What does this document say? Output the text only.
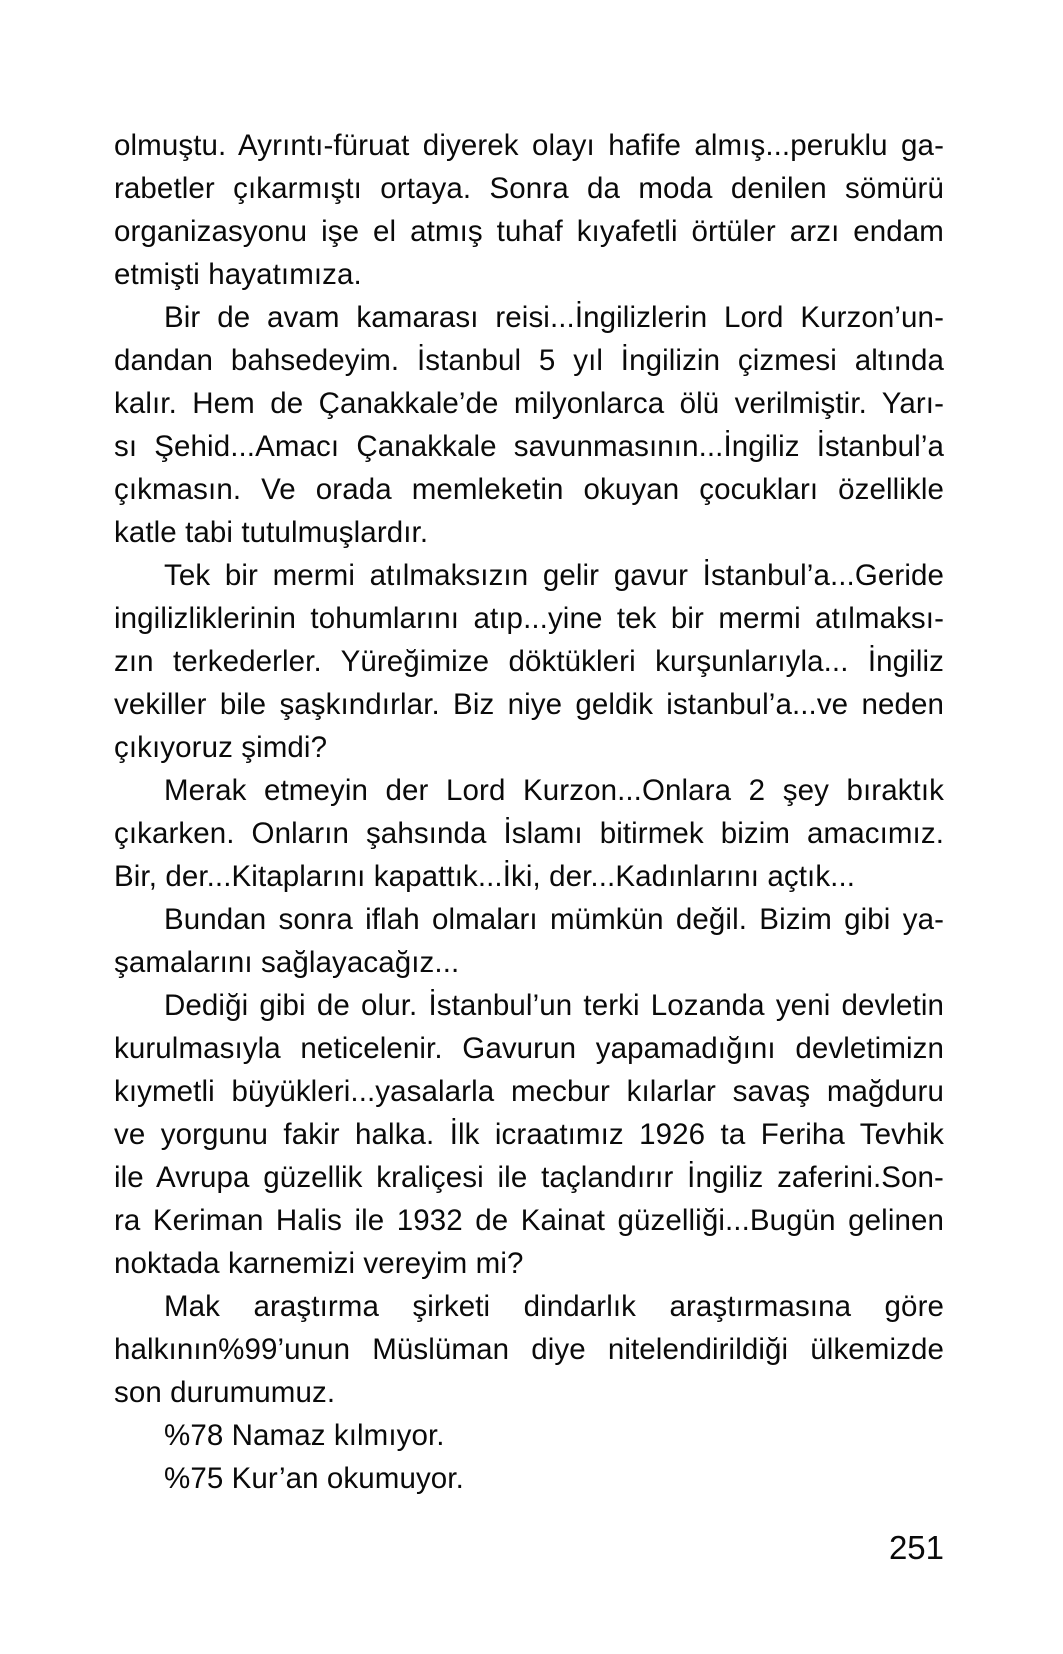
olmuştu. Ayrıntı-füruat diyerek olayı hafife almış...peruklu ga-
rabetler çıkarmıştı ortaya. Sonra da moda denilen sömürü
organizasyonu işe el atmış tuhaf kıyafetli örtüler arzı endam
etmişti hayatımıza.
Bir de avam kamarası reisi...İngilizlerin Lord Kurzon’un-
dandan bahsedeyim. İstanbul 5 yıl İngilizin çizmesi altında
kalır. Hem de Çanakkale’de milyonlarca ölü verilmiştir. Yarı-
sı Şehid...Amacı Çanakkale savunmasının...İngiliz İstanbul’a
çıkmasın. Ve orada memleketin okuyan çocukları özellikle
katle tabi tutulmuşlardır.
Tek bir mermi atılmaksızın gelir gavur İstanbul’a...Geride
ingilizliklerinin tohumlarını atıp...yine tek bir mermi atılmaksı-
zın terkederler. Yüreğimize döktükleri kurşunlarıyla... İngiliz
vekiller bile şaşkındırlar. Biz niye geldik istanbul’a...ve neden
çıkıyoruz şimdi?
Merak etmeyin der Lord Kurzon...Onlara 2 şey bıraktık
çıkarken. Onların şahsında İslamı bitirmek bizim amacımız.
Bir, der...Kitaplarını kapattık...İki, der...Kadınlarını açtık...
Bundan sonra iflah olmaları mümkün değil. Bizim gibi ya-
şamalarını sağlayacağız...
Dediği gibi de olur. İstanbul’un terki Lozanda yeni devletin
kurulmasıyla neticelenir. Gavurun yapamadığını devletimizn
kıymetli büyükleri...yasalarla mecbur kılarlar savaş mağduru
ve yorgunu fakir halka. İlk icraatımız 1926 ta Feriha Tevhik
ile Avrupa güzellik kraliçesi ile taçlandırır İngiliz zaferini.Son-
ra Keriman Halis ile 1932 de Kainat güzelliği...Bugün gelinen
noktada karnemizi vereyim mi?
Mak araştırma şirketi dindarlık araştırmasına göre
halkının%99’unun Müslüman diye nitelendirildiği ülkemizde
son durumumuz.
%78 Namaz kılmıyor.
%75 Kur’an okumuyor.
251
